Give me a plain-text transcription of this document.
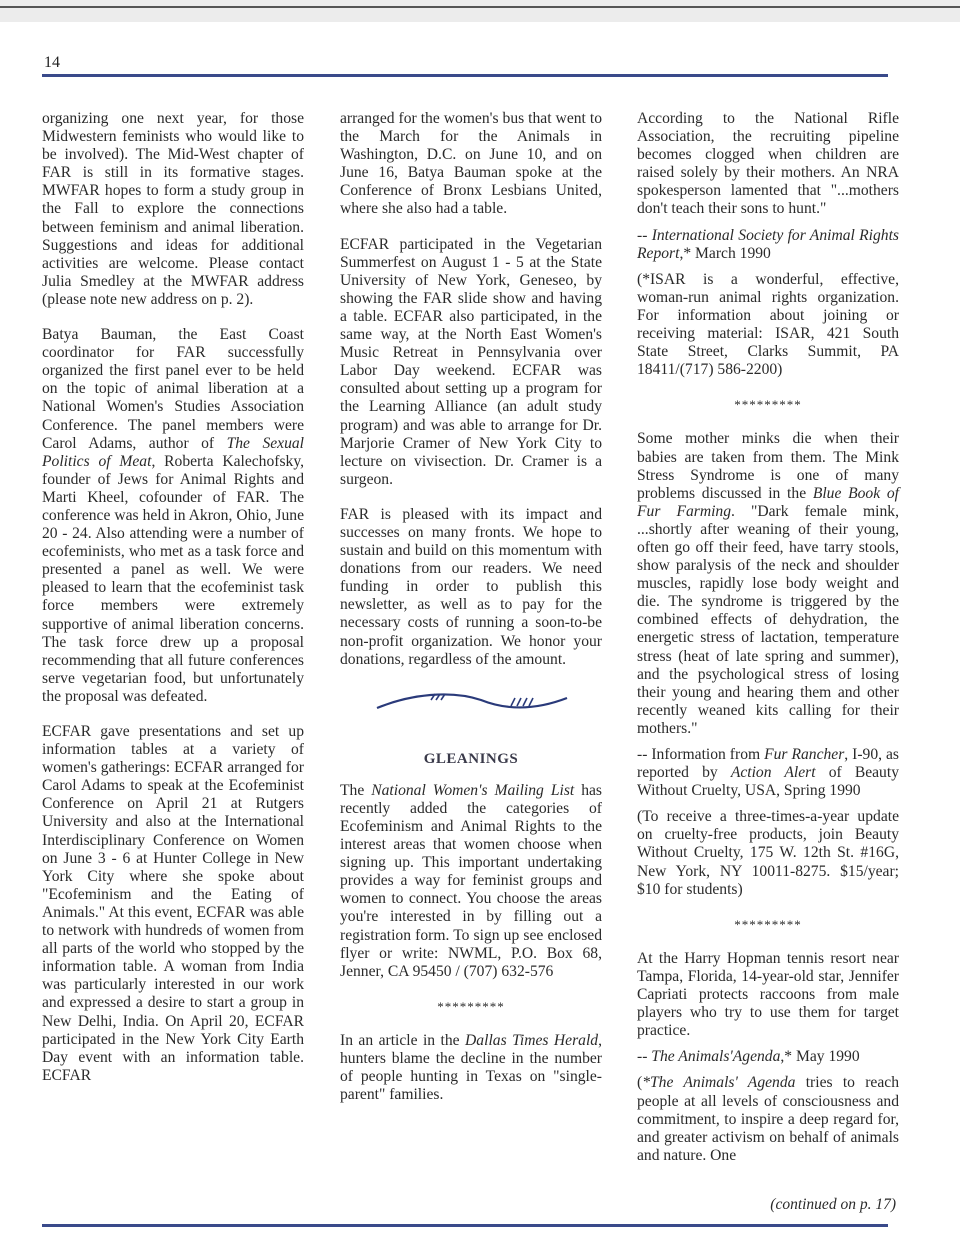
14

organizing one next year, for those Midwestern feminists who would like to be involved). The Mid-West chapter of FAR is still in its formative stages. MWFAR hopes to form a study group in the Fall to explore the connections between feminism and animal liberation. Suggestions and ideas for additional activities are welcome. Please contact Julia Smedley at the MWFAR address (please note new address on p. 2).

Batya Bauman, the East Coast coordinator for FAR successfully organized the first panel ever to be held on the topic of animal liberation at a National Women's Studies Association Conference. The panel members were Carol Adams, author of The Sexual Politics of Meat, Roberta Kalechofsky, founder of Jews for Animal Rights and Marti Kheel, cofounder of FAR. The conference was held in Akron, Ohio, June 20 - 24. Also attending were a number of ecofeminists, who met as a task force and presented a panel as well. We were pleased to learn that the ecofeminist task force members were extremely supportive of animal liberation concerns. The task force drew up a proposal recommending that all future conferences serve vegetarian food, but unfortunately the proposal was defeated.

ECFAR gave presentations and set up information tables at a variety of women's gatherings: ECFAR arranged for Carol Adams to speak at the Ecofeminist Conference on April 21 at Rutgers University and also at the International Interdisciplinary Conference on Women on June 3 - 6 at Hunter College in New York City where she spoke about "Ecofeminism and the Eating of Animals." At this event, ECFAR was able to network with hundreds of women from all parts of the world who stopped by the information table. A woman from India was particularly interested in our work and expressed a desire to start a group in New Delhi, India. On April 20, ECFAR participated in the New York City Earth Day event with an information table. ECFAR

arranged for the women's bus that went to the March for the Animals in Washington, D.C. on June 10, and on June 16, Batya Bauman spoke at the Conference of Bronx Lesbians United, where she also had a table.

ECFAR participated in the Vegetarian Summerfest on August 1 - 5 at the State University of New York, Geneseo, by showing the FAR slide show and having a table. ECFAR also participated, in the same way, at the North East Women's Music Retreat in Pennsylvania over Labor Day weekend. ECFAR was consulted about setting up a program for the Learning Alliance (an adult study program) and was able to arrange for Dr. Marjorie Cramer of New York City to lecture on vivisection. Dr. Cramer is a surgeon.

FAR is pleased with its impact and successes on many fronts. We hope to sustain and build on this momentum with donations from our readers. We need funding in order to publish this newsletter, as well as to pay for the necessary costs of running a soon-to-be non-profit organization. We honor your donations, regardless of the amount.

GLEANINGS

The National Women's Mailing List has recently added the categories of Ecofeminism and Animal Rights to the interest areas that women choose when signing up. This important undertaking provides a way for feminist groups and women to connect. You choose the areas you're interested in by filling out a registration form. To sign up see enclosed flyer or write: NWML, P.O. Box 68, Jenner, CA 95450 / (707) 632-576

*********

In an article in the Dallas Times Herald, hunters blame the decline in the number of people hunting in Texas on "single-parent" families.

According to the National Rifle Association, the recruiting pipeline becomes clogged when children are raised solely by their mothers. An NRA spokesperson lamented that "...mothers don't teach their sons to hunt."

-- International Society for Animal Rights Report,* March 1990

(*ISAR is a wonderful, effective, woman-run animal rights organization. For information about joining or receiving material: ISAR, 421 South State Street, Clarks Summit, PA 18411/(717) 586-2200)

*********

Some mother minks die when their babies are taken from them. The Mink Stress Syndrome is one of many problems discussed in the Blue Book of Fur Farming. "Dark female mink, ...shortly after weaning of their young, often go off their feed, have tarry stools, show paralysis of the neck and shoulder muscles, rapidly lose body weight and die. The syndrome is triggered by the combined effects of dehydration, the energetic stress of lactation, temperature stress (heat of late spring and summer), and the psychological stress of losing their young and hearing them and other recently weaned kits calling for their mothers."

-- Information from Fur Rancher, I-90, as reported by Action Alert of Beauty Without Cruelty, USA, Spring 1990

(To receive a three-times-a-year update on cruelty-free products, join Beauty Without Cruelty, 175 W. 12th St. #16G, New York, NY 10011-8275. $15/year; $10 for students)

*********

At the Harry Hopman tennis resort near Tampa, Florida, 14-year-old star, Jennifer Capriati protects raccoons from male players who try to use them for target practice.

-- The Animals'Agenda,* May 1990

(*The Animals' Agenda tries to reach people at all levels of consciousness and commitment, to inspire a deep regard for, and greater activism on behalf of animals and nature. One

(continued on p. 17)
